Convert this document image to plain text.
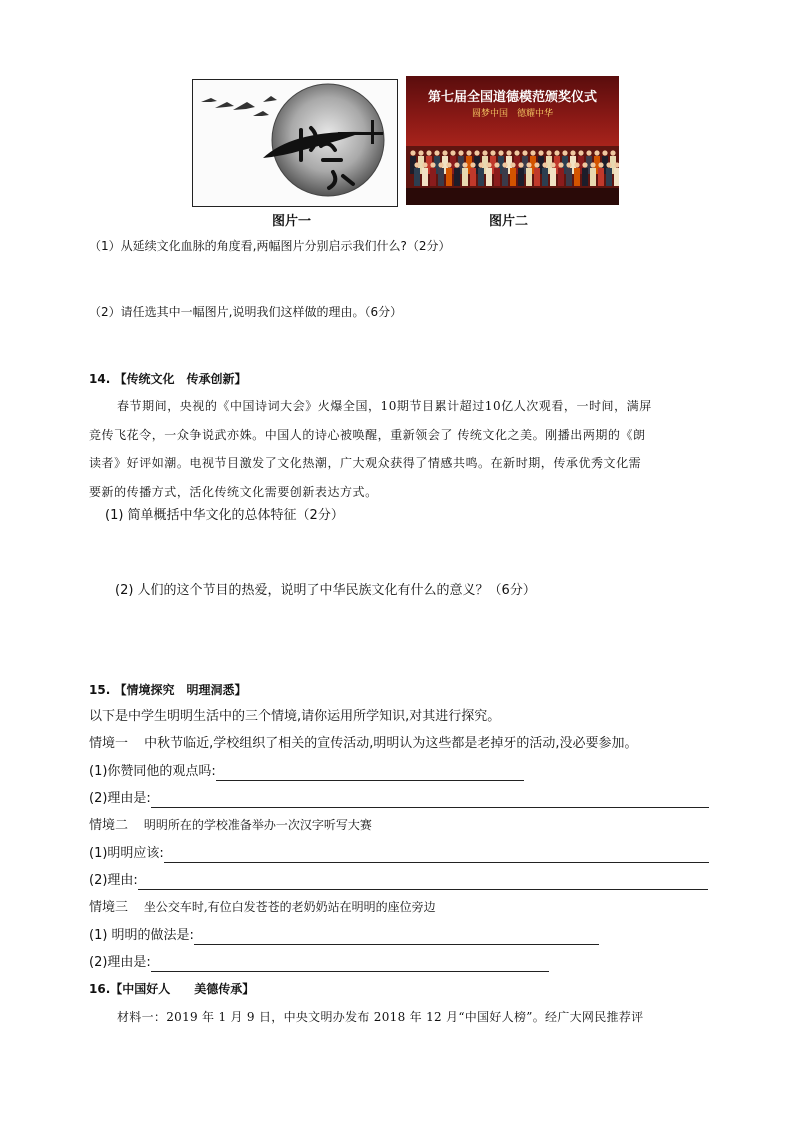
第七届全国道德模范颁奖仪式
圆梦中国　德耀中华
图片一	图片二
（1）从延续文化血脉的角度看,两幅图片分别启示我们什么?（2分）
（2）请任选其中一幅图片,说明我们这样做的理由。（6分）
14. 【传统文化　传承创新】
春节期间，央视的《中国诗词大会》火爆全国，10期节目累计超过10亿人次观看，一时间，满屏
竞传飞花令，一众争说武亦姝。中国人的诗心被唤醒，重新领会了 传统文化之美。刚播出两期的《朗
读者》好评如潮。电视节目激发了文化热潮，广大观众获得了情感共鸣。在新时期，传承优秀文化需
要新的传播方式，活化传统文化需要创新表达方式。
(1) 简单概括中华文化的总体特征（2分）
(2) 人们的这个节目的热爱，说明了中华民族文化有什么的意义？（6分）
15. 【情境探究　明理洞悉】
以下是中学生明明生活中的三个情境,请你运用所学知识,对其进行探究。
情境一 中秋节临近,学校组织了相关的宣传活动,明明认为这些都是老掉牙的活动,没必要参加。
(1)你赞同他的观点吗:
(2)理由是:
情境二 明明所在的学校准备举办一次汉字听写大赛
(1)明明应该:
(2)理由:
情境三 坐公交车时,有位白发苍苍的老奶奶站在明明的座位旁边
(1) 明明的做法是:
(2)理由是:
16.【中国好人　　美德传承】
材料一：2019 年 1 月 9 日，中央文明办发布 2018 年 12 月“中国好人榜”。经广大网民推荐评
